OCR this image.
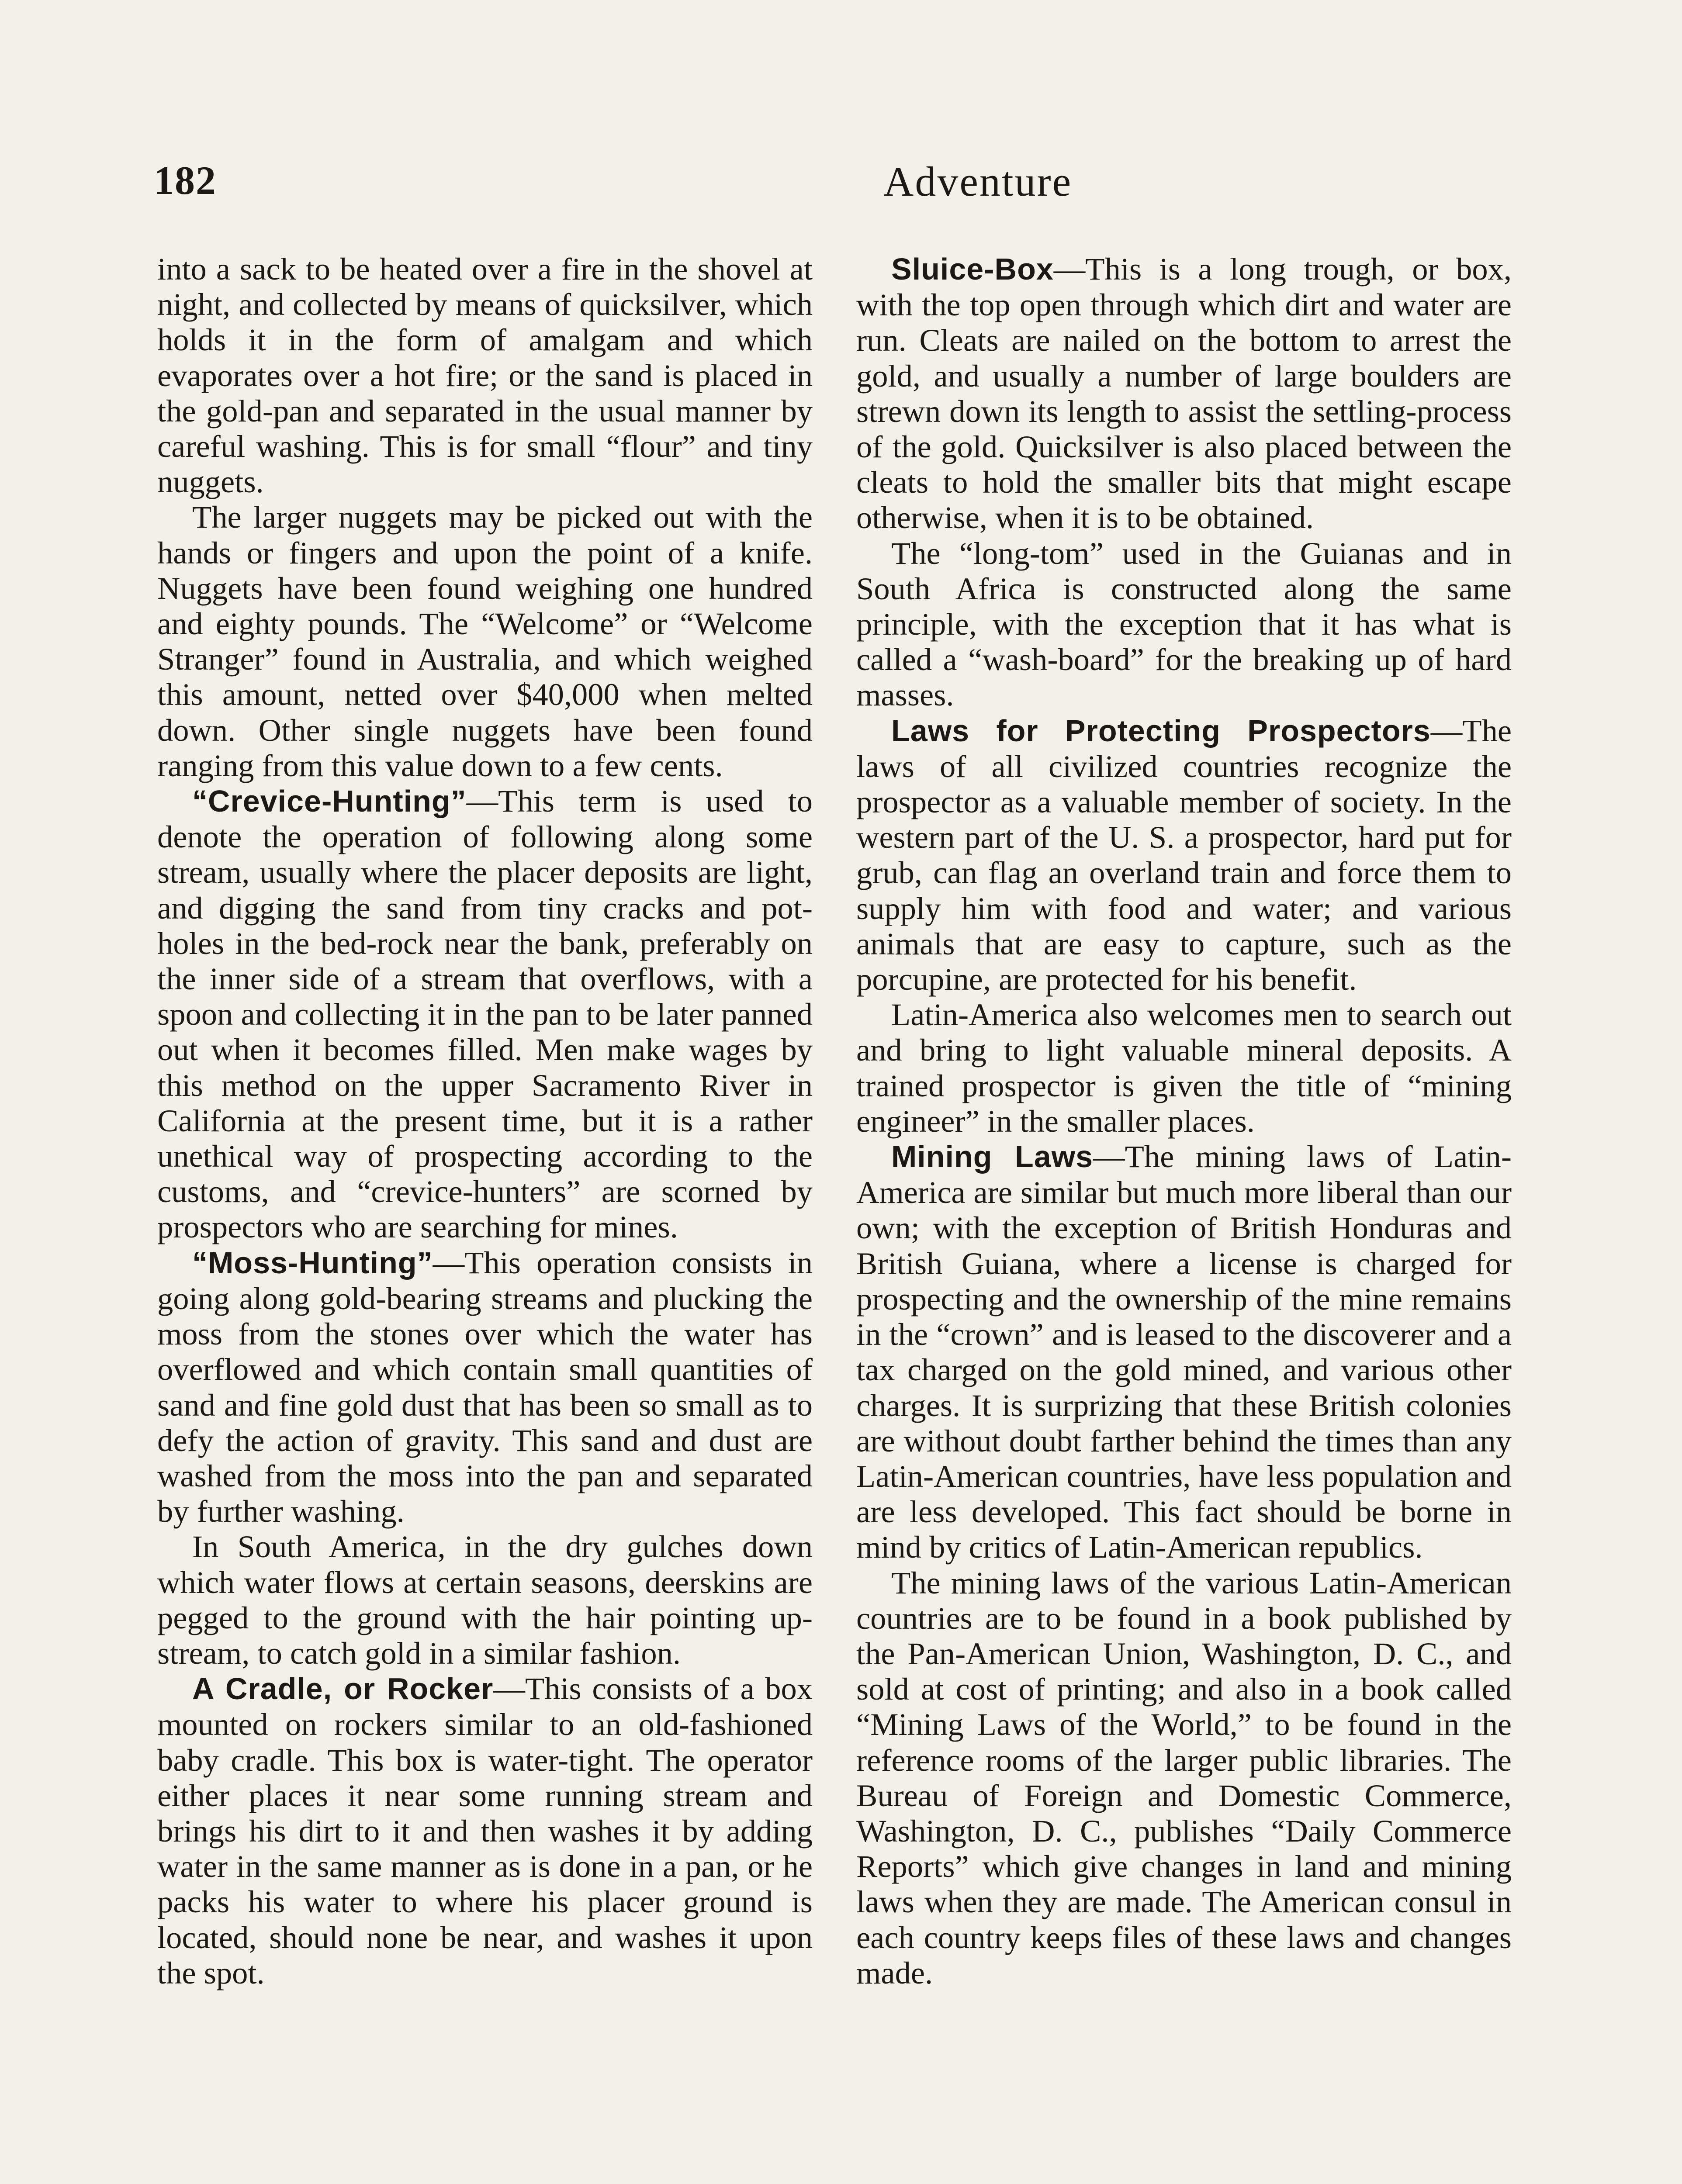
182	Adventure

into a sack to be heated over a fire in the shovel at night, and collected by means of quicksilver, which holds it in the form of amalgam and which evaporates over a hot fire; or the sand is placed in the gold-pan and separated in the usual manner by careful washing. This is for small “flour” and tiny nuggets.

The larger nuggets may be picked out with the hands or fingers and upon the point of a knife. Nuggets have been found weighing one hundred and eighty pounds. The “Welcome” or “Welcome Stranger” found in Australia, and which weighed this amount, netted over $40,000 when melted down. Other single nuggets have been found ranging from this value down to a few cents.

“Crevice-Hunting”—This term is used to denote the operation of following along some stream, usually where the placer deposits are light, and digging the sand from tiny cracks and pot-holes in the bed-rock near the bank, preferably on the inner side of a stream that overflows, with a spoon and collecting it in the pan to be later panned out when it becomes filled. Men make wages by this method on the upper Sacramento River in California at the present time, but it is a rather unethical way of prospecting according to the customs, and “crevice-hunters” are scorned by prospectors who are searching for mines.

“Moss-Hunting”—This operation consists in going along gold-bearing streams and plucking the moss from the stones over which the water has overflowed and which contain small quantities of sand and fine gold dust that has been so small as to defy the action of gravity. This sand and dust are washed from the moss into the pan and separated by further washing.

In South America, in the dry gulches down which water flows at certain seasons, deerskins are pegged to the ground with the hair pointing up-stream, to catch gold in a similar fashion.

A Cradle, or Rocker—This consists of a box mounted on rockers similar to an old-fashioned baby cradle. This box is water-tight. The operator either places it near some running stream and brings his dirt to it and then washes it by adding water in the same manner as is done in a pan, or he packs his water to where his placer ground is located, should none be near, and washes it upon the spot.

Sluice-Box—This is a long trough, or box, with the top open through which dirt and water are run. Cleats are nailed on the bottom to arrest the gold, and usually a number of large boulders are strewn down its length to assist the settling-process of the gold. Quicksilver is also placed between the cleats to hold the smaller bits that might escape otherwise, when it is to be obtained.

The “long-tom” used in the Guianas and in South Africa is constructed along the same principle, with the exception that it has what is called a “wash-board” for the breaking up of hard masses.

Laws for Protecting Prospectors—The laws of all civilized countries recognize the prospector as a valuable member of society. In the western part of the U. S. a prospector, hard put for grub, can flag an overland train and force them to supply him with food and water; and various animals that are easy to capture, such as the porcupine, are protected for his benefit.

Latin-America also welcomes men to search out and bring to light valuable mineral deposits. A trained prospector is given the title of “mining engineer” in the smaller places.

Mining Laws—The mining laws of Latin-America are similar but much more liberal than our own; with the exception of British Honduras and British Guiana, where a license is charged for prospecting and the ownership of the mine remains in the “crown” and is leased to the discoverer and a tax charged on the gold mined, and various other charges. It is surprizing that these British colonies are without doubt farther behind the times than any Latin-American countries, have less population and are less developed. This fact should be borne in mind by critics of Latin-American republics.

The mining laws of the various Latin-American countries are to be found in a book published by the Pan-American Union, Washington, D. C., and sold at cost of printing; and also in a book called “Mining Laws of the World,” to be found in the reference rooms of the larger public libraries. The Bureau of Foreign and Domestic Commerce, Washington, D. C., publishes “Daily Commerce Reports” which give changes in land and mining laws when they are made. The American consul in each country keeps files of these laws and changes made.
